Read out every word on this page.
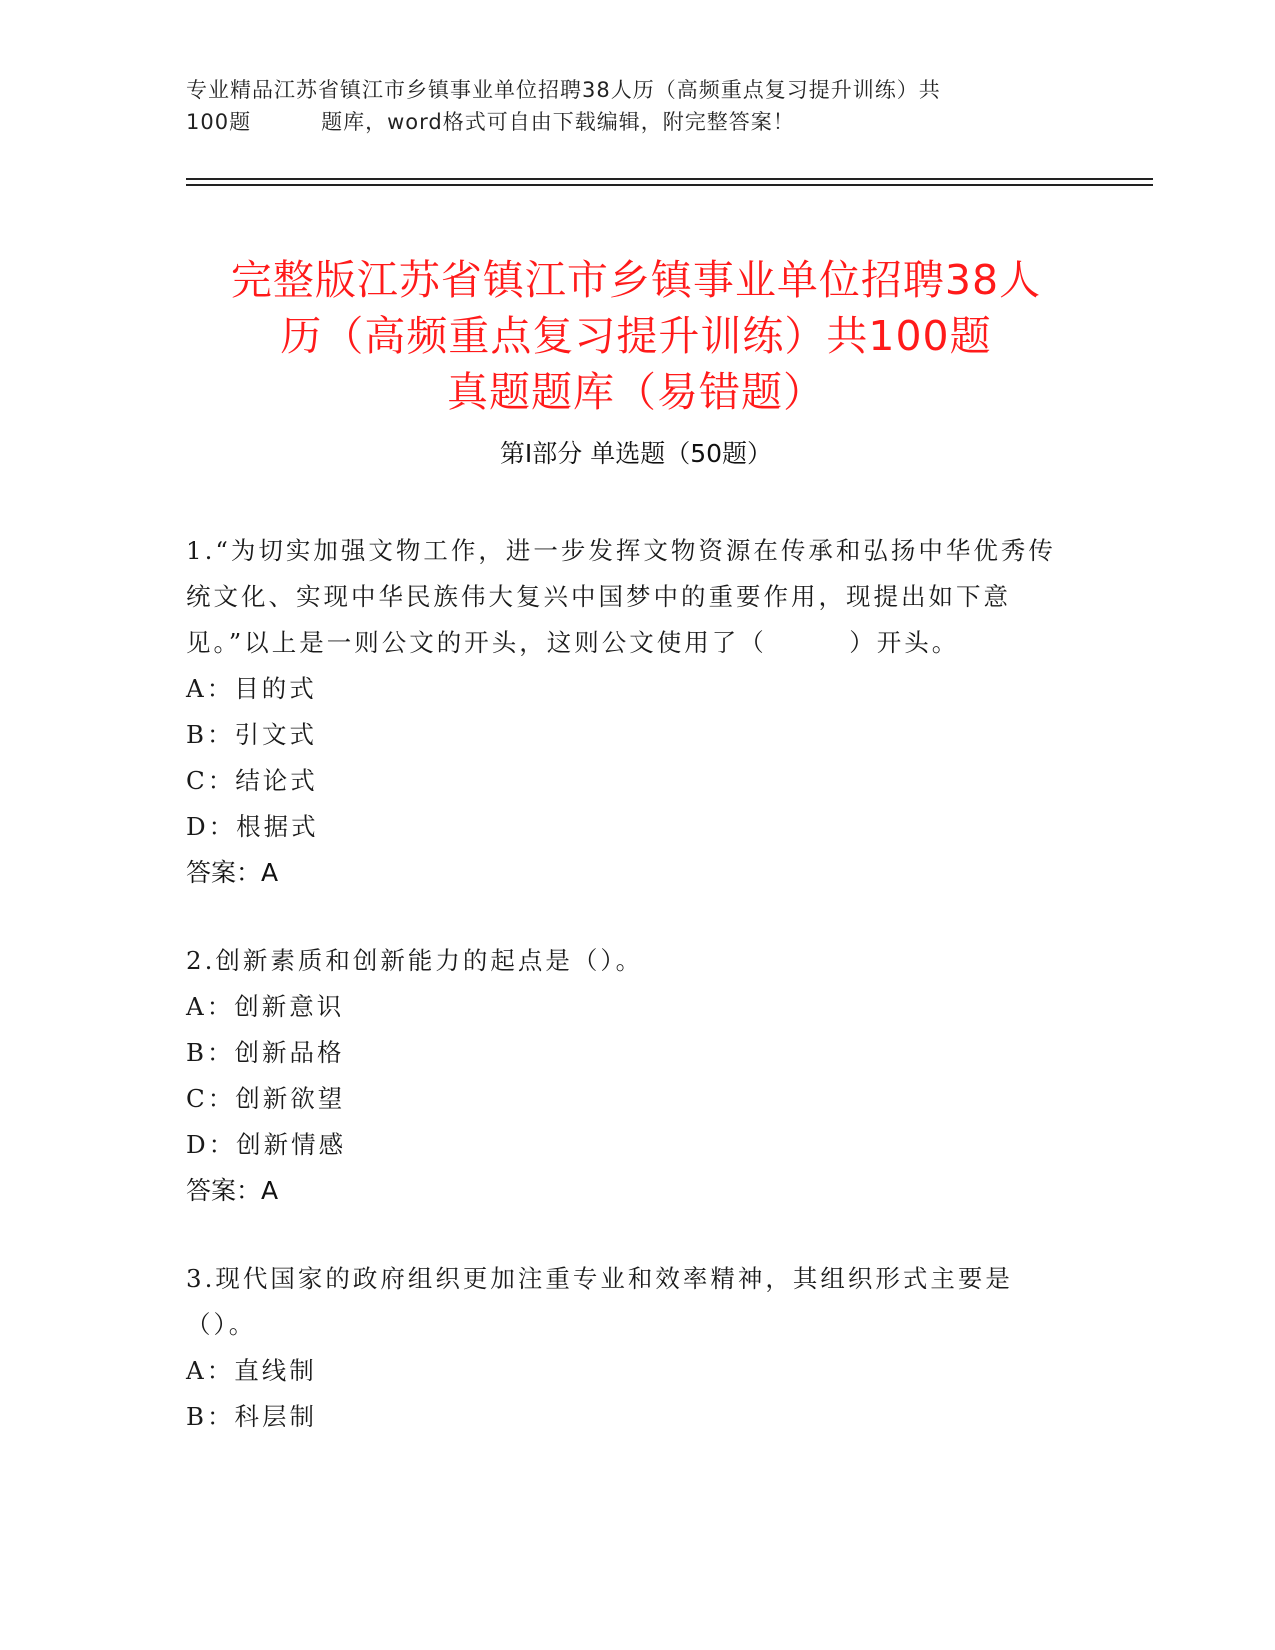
专业精品江苏省镇江市乡镇事业单位招聘38人历（高频重点复习提升训练）共
100题	题库，word格式可自由下载编辑，附完整答案！
完整版江苏省镇江市乡镇事业单位招聘38人
历（高频重点复习提升训练）共100题
真题题库（易错题）
第Ⅰ部分 单选题（50题）

1.“为切实加强文物工作，进一步发挥文物资源在传承和弘扬中华优秀传统文化、实现中华民族伟大复兴中国梦中的重要作用，现提出如下意见。”以上是一则公文的开头，这则公文使用了（　　　）开头。

A：目的式

B：引文式

C：结论式

D：根据式

答案：A

2.创新素质和创新能力的起点是（）。

A：创新意识

B：创新品格

C：创新欲望

D：创新情感

答案：A

3.现代国家的政府组织更加注重专业和效率精神，其组织形式主要是（）。

A：直线制

B：科层制
